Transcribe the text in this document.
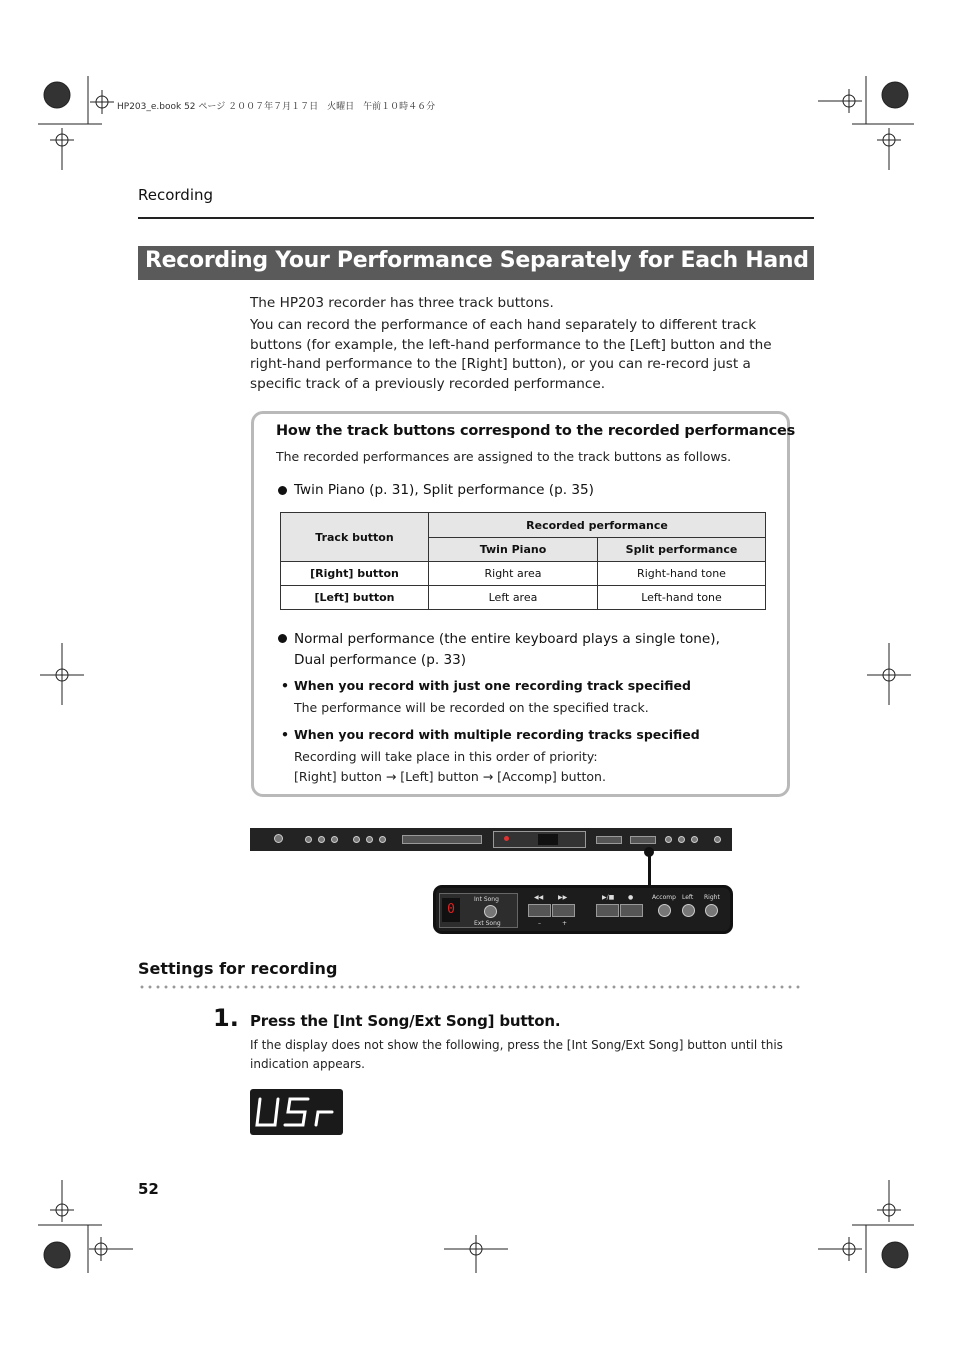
HP203_e.book 52 ページ ２００７年７月１７日　火曜日　午前１０時４６分
Recording
Recording Your Performance Separately for Each Hand
The HP203 recorder has three track buttons.
You can record the performance of each hand separately to different track buttons (for example, the left-hand performance to the [Left] button and the right-hand performance to the [Right] button), or you can re-record just a specific track of a previously recorded performance.
How the track buttons correspond to the recorded performances
The recorded performances are assigned to the track buttons as follows.
Twin Piano (p. 31), Split performance (p. 35)
Track button	Recorded performance	
	Twin Piano	Split performance
[Right] button	Right area	Right-hand tone
[Left] button	Left area	Left-hand tone
Normal performance (the entire keyboard plays a single tone), Dual performance (p. 33)
• When you record with just one recording track specified
The performance will be recorded on the specified track.
• When you record with multiple recording tracks specified
Recording will take place in this order of priority:
[Right] button → [Left] button → [Accomp] button.
0
Int Song
Ext Song
◀◀ ▶▶
–	+
▶/■ ●	Accomp Left Right
Settings for recording
1. Press the [Int Song/Ext Song] button.
If the display does not show the following, press the [Int Song/Ext Song] button until this indication appears.
52
